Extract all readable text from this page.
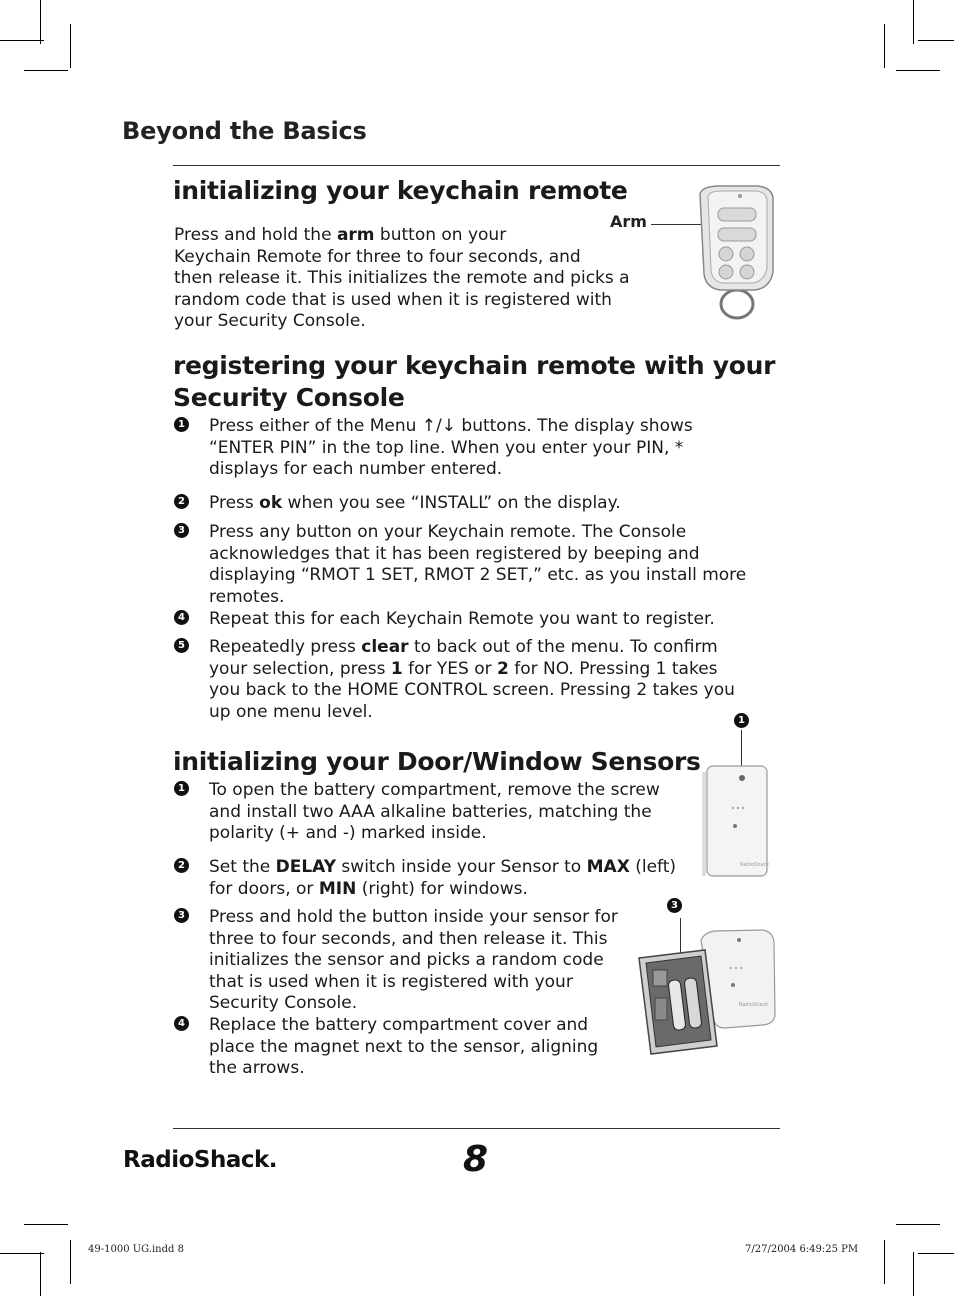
Beyond the Basics
initializing your keychain remote
Press and hold the arm button on your
Keychain Remote for three to four seconds, and
then release it. This initializes the remote and picks a
random code that is used when it is registered with
your Security Console.
Arm
registering your keychain remote with your
Security Console
1 Press either of the Menu ↑/↓ buttons. The display shows
“ENTER PIN” in the top line. When you enter your PIN, *
displays for each number entered.
2 Press ok when you see “INSTALL” on the display.
3 Press any button on your Keychain remote. The Console
acknowledges that it has been registered by beeping and
displaying “RMOT 1 SET, RMOT 2 SET,” etc. as you install more
remotes.
4 Repeat this for each Keychain Remote you want to register.
5 Repeatedly press clear to back out of the menu. To confirm
your selection, press 1 for YES or 2 for NO. Pressing 1 takes
you back to the HOME CONTROL screen. Pressing 2 takes you
up one menu level.
initializing your Door/Window Sensors
1 To open the battery compartment, remove the screw
and install two AAA alkaline batteries, matching the
polarity (+ and -) marked inside.
2 Set the DELAY switch inside your Sensor to MAX (left)
for doors, or MIN (right) for windows.
3 Press and hold the button inside your sensor for
three to four seconds, and then release it. This
initializes the sensor and picks a random code
that is used when it is registered with your
Security Console.
4 Replace the battery compartment cover and
place the magnet next to the sensor, aligning
the arrows.
1
RadioShack
3
RadioShack
RadioShack.	8
49-1000 UG.indd 8	7/27/2004 6:49:25 PM
